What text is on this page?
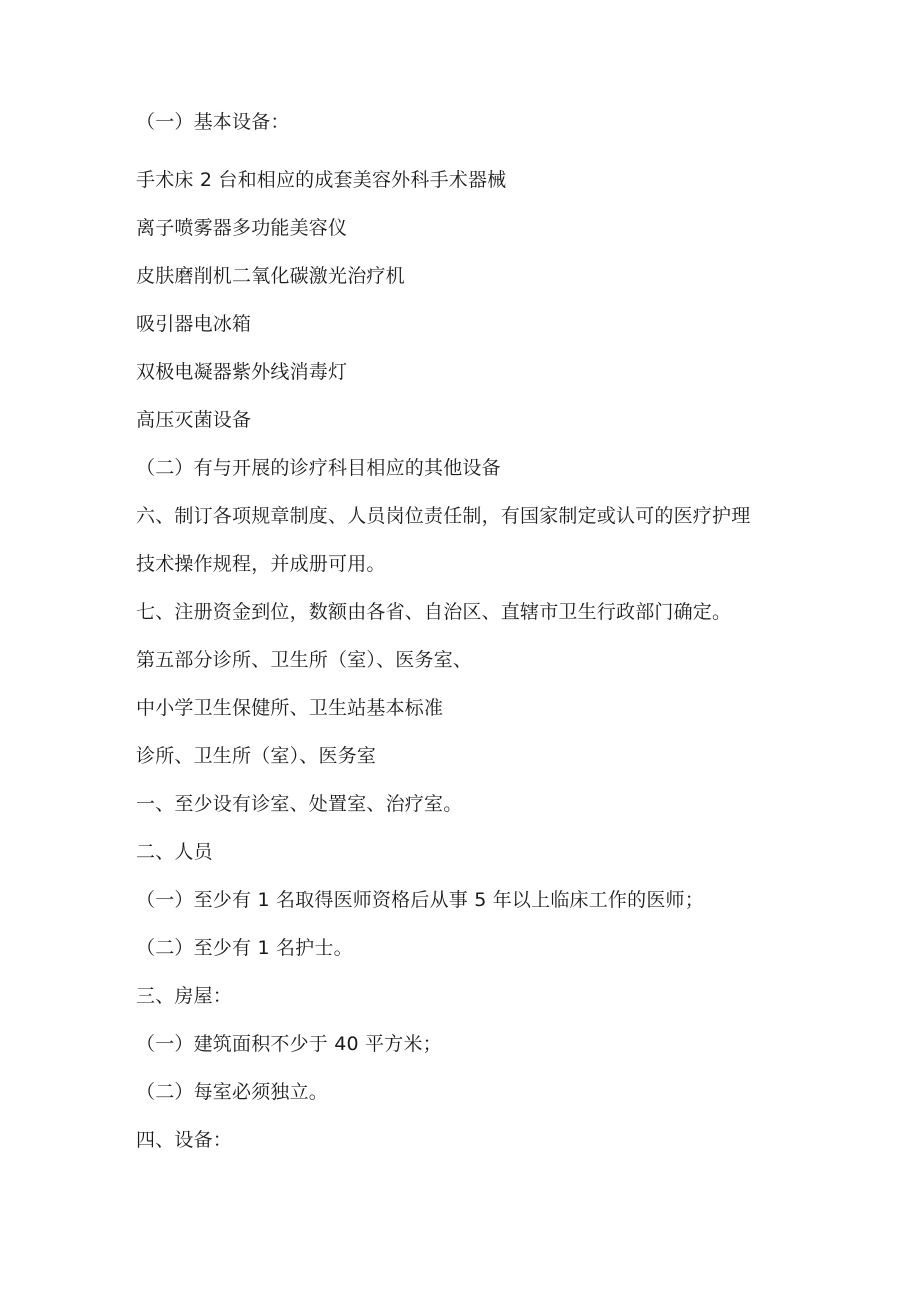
（一）基本设备：
手术床 2 台和相应的成套美容外科手术器械
离子喷雾器多功能美容仪
皮肤磨削机二氧化碳激光治疗机
吸引器电冰箱
双极电凝器紫外线消毒灯
高压灭菌设备
（二）有与开展的诊疗科目相应的其他设备
六、制订各项规章制度、人员岗位责任制，有国家制定或认可的医疗护理
技术操作规程，并成册可用。
七、注册资金到位，数额由各省、自治区、直辖市卫生行政部门确定。
第五部分诊所、卫生所（室）、医务室、
中小学卫生保健所、卫生站基本标准
诊所、卫生所（室）、医务室
一、至少设有诊室、处置室、治疗室。
二、人员
（一）至少有 1 名取得医师资格后从事 5 年以上临床工作的医师；
（二）至少有 1 名护士。
三、房屋：
（一）建筑面积不少于 40 平方米；
（二）每室必须独立。
四、设备：
